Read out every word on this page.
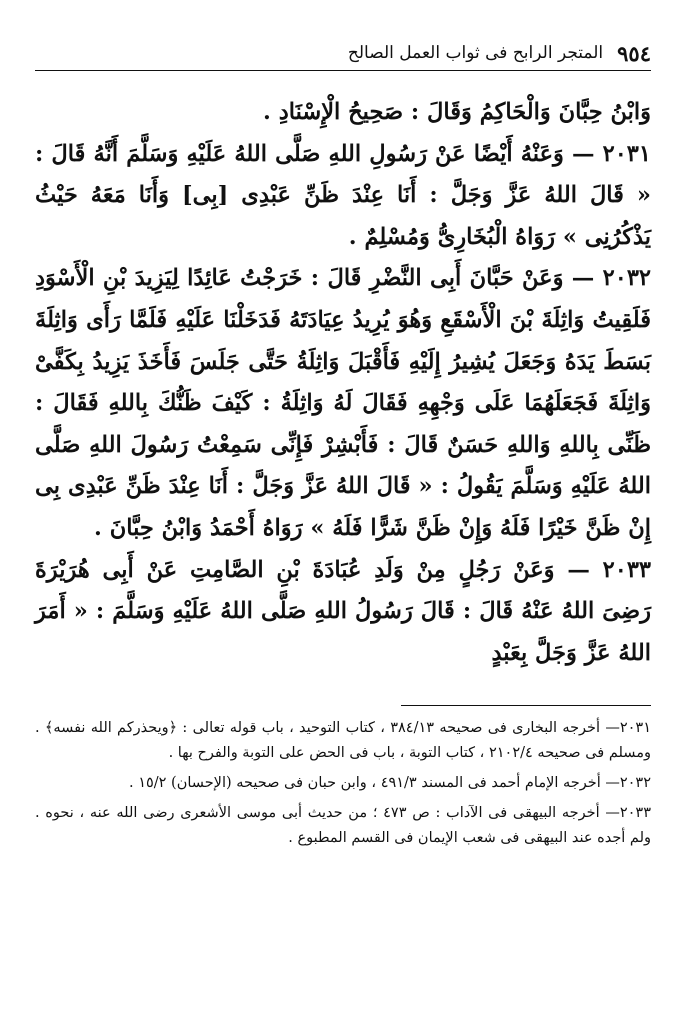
٩٥٤
المتجر الرابح فى ثواب العمل الصالح

وَابْنُ حِبَّانَ وَالْحَاكِمُ وَقَالَ : صَحِيحُ الْإِسْنَادِ .

٢٠٣١ — وَعَنْهُ أَيْضًا عَنْ رَسُولِ اللهِ صَلَّى اللهُ عَلَيْهِ وَسَلَّمَ أَنَّهُ قَالَ : « قَالَ اللهُ عَزَّ وَجَلَّ : أَنَا عِنْدَ ظَنِّ عَبْدِى [بِى] وَأَنَا مَعَهُ حَيْثُ يَذْكُرُنِى » رَوَاهُ الْبُخَارِىُّ وَمُسْلِمٌ .

٢٠٣٢ — وَعَنْ حَبَّانَ أَبِى النَّضْرِ قَالَ : خَرَجْتُ عَائِدًا لِيَزِيدَ بْنِ الْأَسْوَدِ فَلَقِيتُ وَاثِلَةَ بْنَ الْأَسْقَعِ وَهُوَ يُرِيدُ عِيَادَتَهُ فَدَخَلْنَا عَلَيْهِ فَلَمَّا رَأَى وَاثِلَةَ بَسَطَ يَدَهُ وَجَعَلَ يُشِيرُ إِلَيْهِ فَأَقْبَلَ وَاثِلَةُ حَتَّى جَلَسَ فَأَخَذَ يَزِيدُ بِكَفَّىْ وَاثِلَةَ فَجَعَلَهُمَا عَلَى وَجْهِهِ فَقَالَ لَهُ وَاثِلَةُ : كَيْفَ ظَنُّكَ بِاللهِ فَقَالَ : ظَنِّى بِاللهِ وَاللهِ حَسَنٌ قَالَ : فَأَبْشِرْ فَإِنِّى سَمِعْتُ رَسُولَ اللهِ صَلَّى اللهُ عَلَيْهِ وَسَلَّمَ يَقُولُ : « قَالَ اللهُ عَزَّ وَجَلَّ : أَنَا عِنْدَ ظَنِّ عَبْدِى بِى إِنْ ظَنَّ خَيْرًا فَلَهُ وَإِنْ ظَنَّ شَرًّا فَلَهُ » رَوَاهُ أَحْمَدُ وَابْنُ حِبَّانَ .

٢٠٣٣ — وَعَنْ رَجُلٍ مِنْ وَلَدِ عُبَادَةَ بْنِ الصَّامِتِ عَنْ أَبِى هُرَيْرَةَ رَضِىَ اللهُ عَنْهُ قَالَ : قَالَ رَسُولُ اللهِ صَلَّى اللهُ عَلَيْهِ وَسَلَّمَ : « أَمَرَ اللهُ عَزَّ وَجَلَّ بِعَبْدٍ

٢٠٣١— أخرجه البخارى فى صحيحه ٣٨٤/١٣ ، كتاب التوحيد ، باب قوله تعالى : ﴿ويحذركم الله نفسه﴾ . ومسلم فى صحيحه ٢١٠٢/٤ ، كتاب التوبة ، باب فى الحض على التوبة والفرح بها .

٢٠٣٢— أخرجه الإمام أحمد فى المسند ٤٩١/٣ ، وابن حبان فى صحيحه (الإحسان) ١٥/٢ .

٢٠٣٣— أخرجه البيهقى فى الآداب : ص ٤٧٣ ؛ من حديث أبى موسى الأشعرى رضى الله عنه ، نحوه . ولم أجده عند البيهقى فى شعب الإيمان فى القسم المطبوع .
